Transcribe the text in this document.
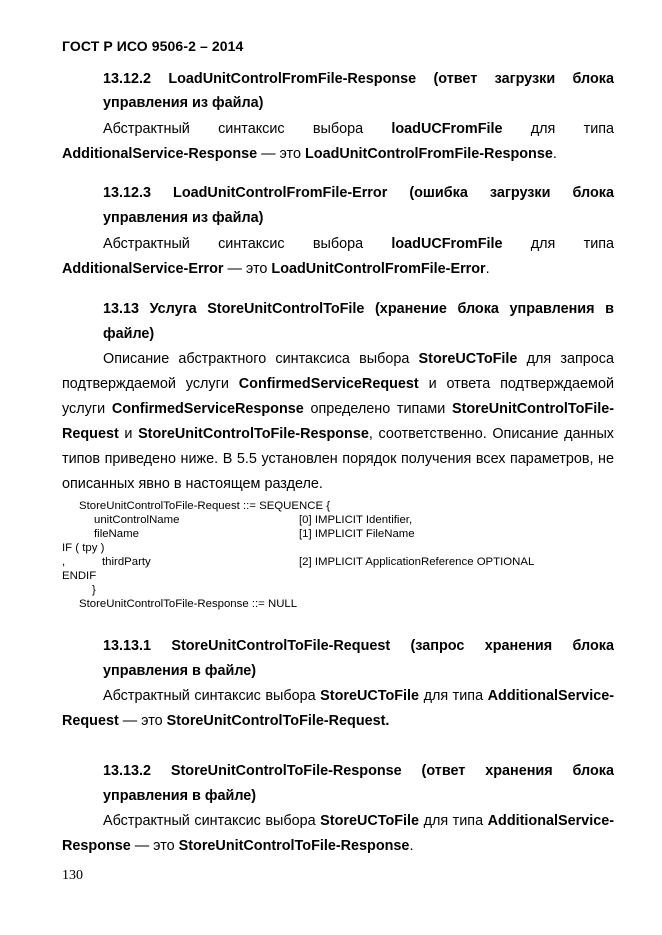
ГОСТ Р ИСО 9506-2 – 2014
13.12.2 LoadUnitControlFromFile-Response (ответ загрузки блока
управления из файла)
Абстрактный синтаксис выбора loadUCFromFile для типа
AdditionalService-Response — это LoadUnitControlFromFile-Response.
13.12.3 LoadUnitControlFromFile-Error (ошибка загрузки блока
управления из файла)
Абстрактный синтаксис выбора loadUCFromFile для типа
AdditionalService-Error — это LoadUnitControlFromFile-Error.
13.13 Услуга StoreUnitControlToFile (хранение блока управления в
файле)
Описание абстрактного синтаксиса выбора StoreUCToFile для запроса
подтверждаемой услуги ConfirmedServiceRequest и ответа подтверждаемой
услуги ConfirmedServiceResponse определено типами StoreUnitControlToFile-
Request и StoreUnitControlToFile-Response, соответственно. Описание данных
типов приведено ниже. В 5.5 установлен порядок получения всех параметров, не
описанных явно в настоящем разделе.
StoreUnitControlToFile-Request ::= SEQUENCE {
unitControlName	[0] IMPLICIT Identifier,
fileName	[1] IMPLICIT FileName
IF ( tpy )
,	thirdParty	[2] IMPLICIT ApplicationReference OPTIONAL
ENDIF
}
StoreUnitControlToFile-Response ::= NULL
13.13.1 StoreUnitControlToFile-Request (запрос хранения блока
управления в файле)
Абстрактный синтаксис выбора StoreUCToFile для типа AdditionalService-
Request — это StoreUnitControlToFile-Request.
13.13.2 StoreUnitControlToFile-Response (ответ хранения блока
управления в файле)
Абстрактный синтаксис выбора StoreUCToFile для типа AdditionalService-
Response — это StoreUnitControlToFile-Response.
130
